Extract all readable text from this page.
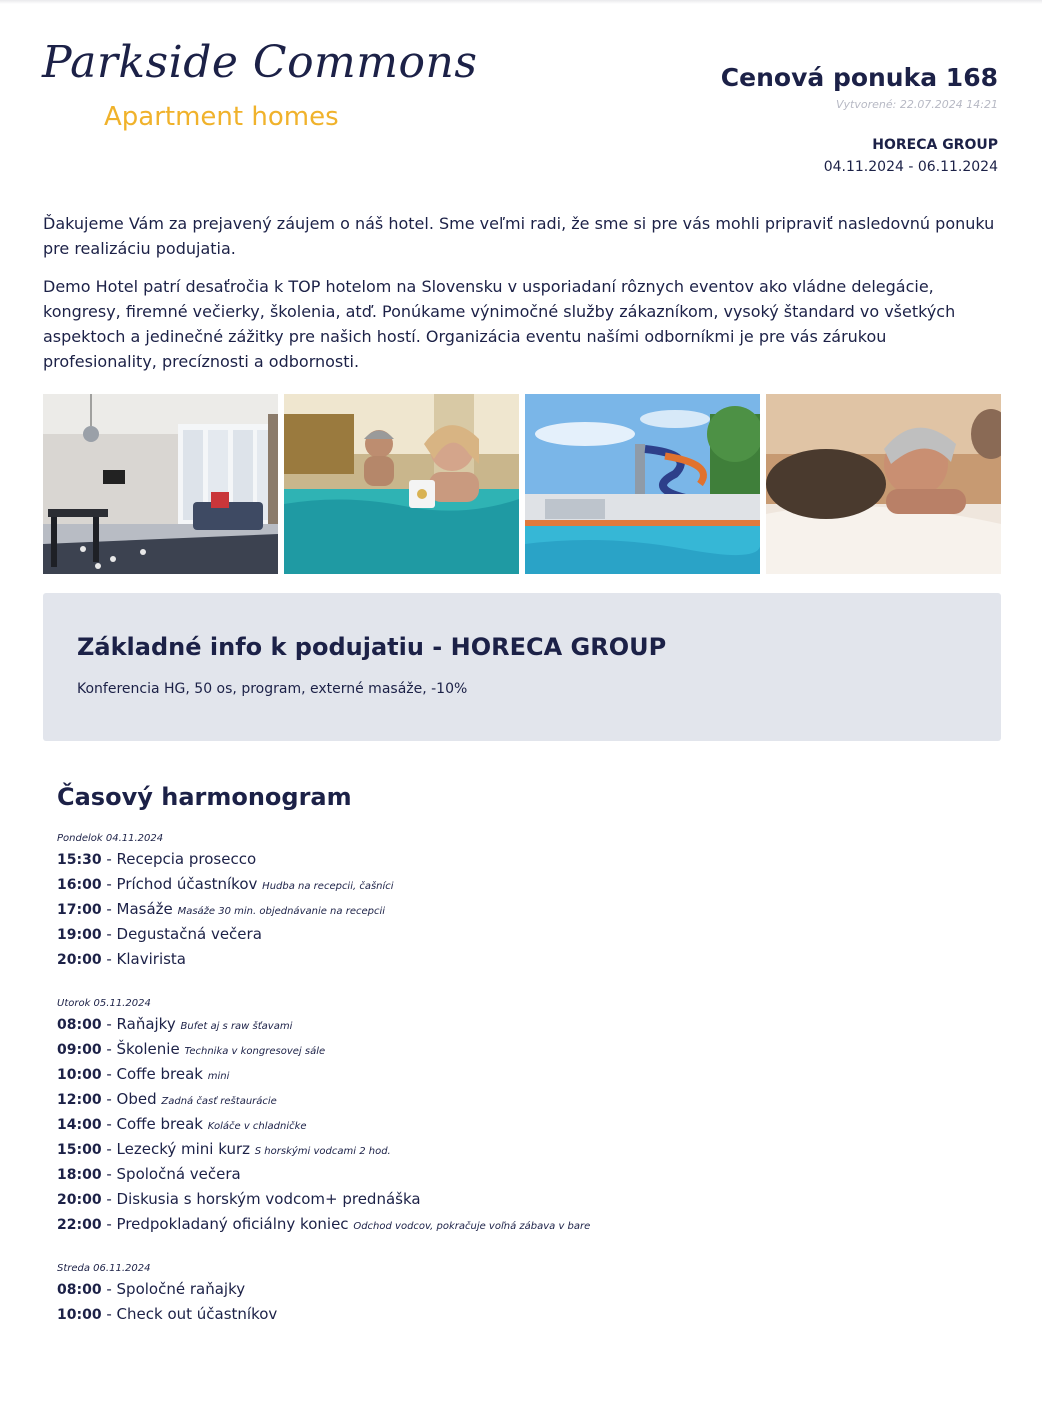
Parkside Commons
Apartment homes
Cenová ponuka 168
Vytvorené: 22.07.2024 14:21
HORECA GROUP
04.11.2024 - 06.11.2024

Ďakujeme Vám za prejavený záujem o náš hotel. Sme veľmi radi, že sme si pre vás mohli pripraviť nasledovnú ponuku pre realizáciu podujatia.

Demo Hotel patrí desaťročia k TOP hotelom na Slovensku v usporiadaní rôznych eventov ako vládne delegácie, kongresy, firemné večierky, školenia, atď. Ponúkame výnimočné služby zákazníkom, vysoký štandard vo všetkých aspektoch a jedinečné zážitky pre našich hostí. Organizácia eventu našími odborníkmi je pre vás zárukou profesionality, precíznosti a odbornosti.

Základné info k podujatiu - HORECA GROUP
Konferencia HG, 50 os, program, externé masáže, -10%
Časový harmonogram
Pondelok 04.11.2024
15:30 - Recepcia prosecco
16:00 - Príchod účastníkov Hudba na recepcii, čašníci
17:00 - Masáže Masáže 30 min. objednávanie na recepcii
19:00 - Degustačná večera
20:00 - Klavirista
Utorok 05.11.2024
08:00 - Raňajky Bufet aj s raw šťavami
09:00 - Školenie Technika v kongresovej sále
10:00 - Coffe break mini
12:00 - Obed Zadná časť reštaurácie
14:00 - Coffe break Koláče v chladničke
15:00 - Lezecký mini kurz S horskými vodcami 2 hod.
18:00 - Spoločná večera
20:00 - Diskusia s horským vodcom+ prednáška
22:00 - Predpokladaný oficiálny koniec Odchod vodcov, pokračuje voľná zábava v bare
Streda 06.11.2024
08:00 - Spoločné raňajky
10:00 - Check out účastníkov
